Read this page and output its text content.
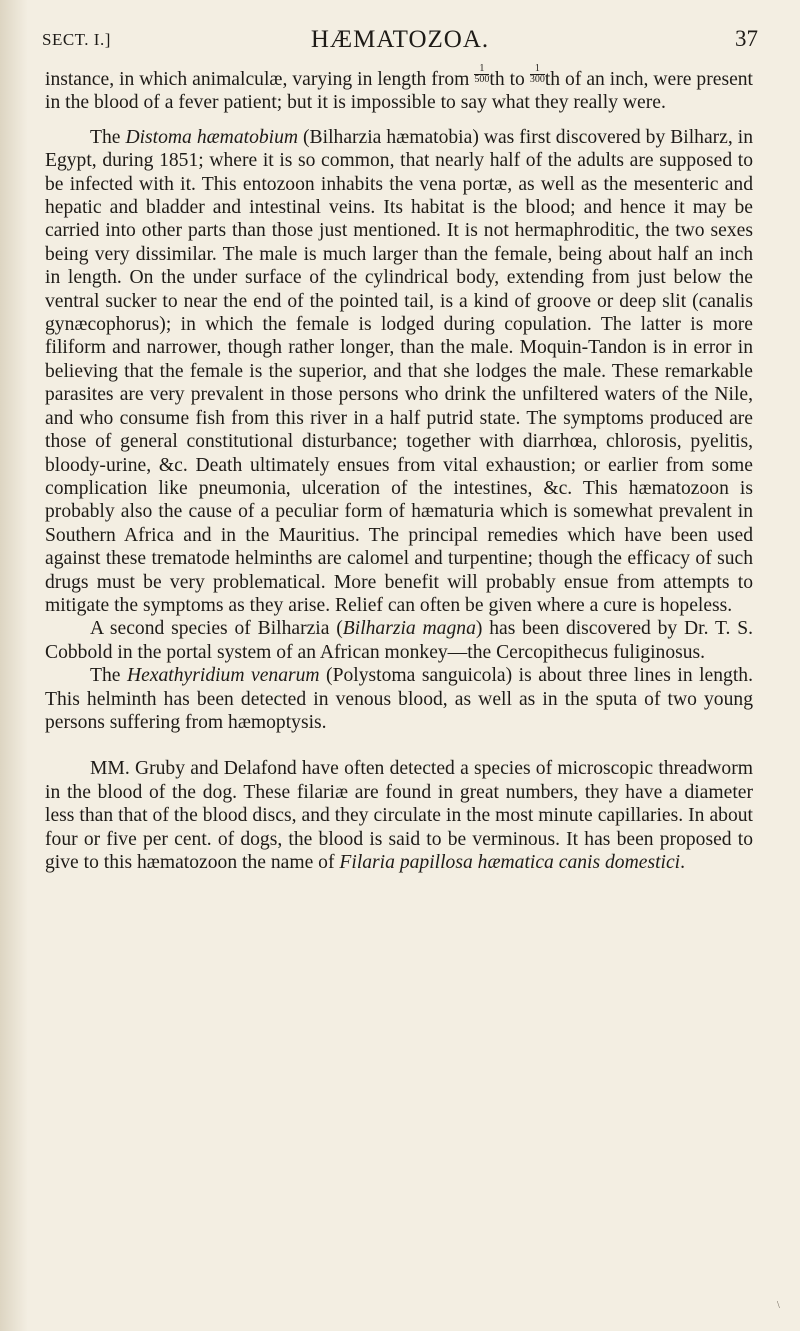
SECT. I.]	HÆMATOZOA.	37

instance, in which animalculæ, varying in length from $\frac{1}{500}$ th to $\frac{1}{300}$ th of an inch, were present in the blood of a fever patient; but it is impossible to say what they really were.

The Distoma hæmatobium (Bilharzia hæmatobia) was first discovered by Bilharz, in Egypt, during 1851; where it is so common, that nearly half of the adults are supposed to be infected with it. This entozoon inhabits the vena portæ, as well as the mesenteric and hepatic and bladder and intestinal veins. Its habitat is the blood; and hence it may be carried into other parts than those just mentioned. It is not hermaphroditic, the two sexes being very dissimilar. The male is much larger than the female, being about half an inch in length. On the under surface of the cylindrical body, extending from just below the ventral sucker to near the end of the pointed tail, is a kind of groove or deep slit (canalis gynæcophorus); in which the female is lodged during copulation. The latter is more filiform and narrower, though rather longer, than the male. Moquin-Tandon is in error in believing that the female is the superior, and that she lodges the male. These remarkable parasites are very prevalent in those persons who drink the unfiltered waters of the Nile, and who consume fish from this river in a half putrid state. The symptoms produced are those of general constitutional disturbance; together with diarrhœa, chlorosis, pyelitis, bloody-urine, &c. Death ultimately ensues from vital exhaustion; or earlier from some complication like pneumonia, ulceration of the intestines, &c. This hæmatozoon is probably also the cause of a peculiar form of hæmaturia which is somewhat prevalent in Southern Africa and in the Mauritius. The principal remedies which have been used against these trematode helminths are calomel and turpentine; though the efficacy of such drugs must be very problematical. More benefit will probably ensue from attempts to mitigate the symptoms as they arise. Relief can often be given where a cure is hopeless.

A second species of Bilharzia (Bilharzia magna) has been discovered by Dr. T. S. Cobbold in the portal system of an African monkey—the Cercopithecus fuliginosus.

The Hexathyridium venarum (Polystoma sanguicola) is about three lines in length. This helminth has been detected in venous blood, as well as in the sputa of two young persons suffering from hæmoptysis.

MM. Gruby and Delafond have often detected a species of microscopic threadworm in the blood of the dog. These filariæ are found in great numbers, they have a diameter less than that of the blood discs, and they circulate in the most minute capillaries. In about four or five per cent. of dogs, the blood is said to be verminous. It has been proposed to give to this hæmatozoon the name of Filaria papillosa hæmatica canis domestici.

\
